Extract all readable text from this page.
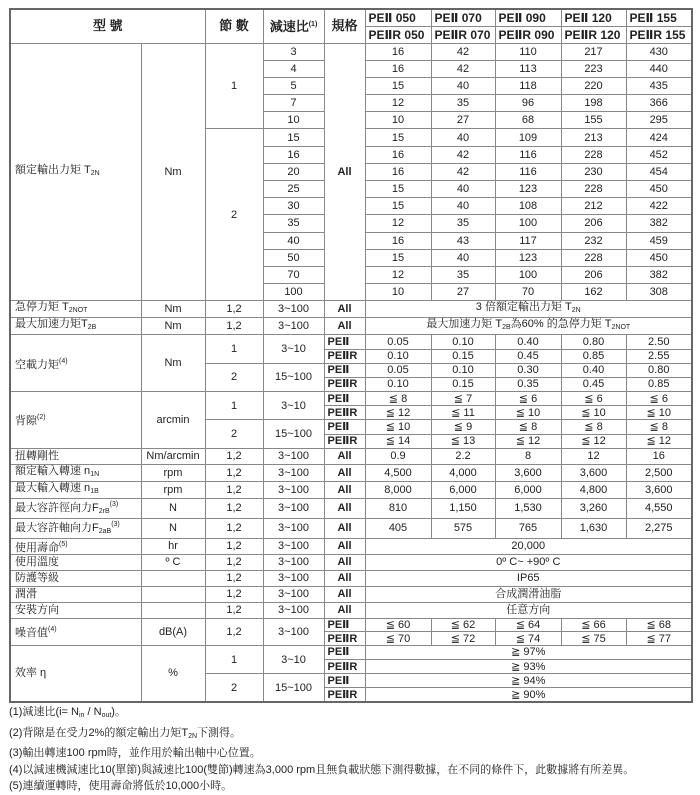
型 號		節 數	減速比$^{(1)}$	規格	PEⅡ 050	PEⅡ 070	PEⅡ 090	PEⅡ 120	PEⅡ 155
					PEⅡR 050	PEⅡR 070	PEⅡR 090	PEⅡR 120	PEⅡR 155
額定輸出力矩 $T_{2N}$	Nm	1	3	All	16	42	110	217	430
			4		16	42	113	223	440
			5		15	40	118	220	435
			7		12	35	96	198	366
			10		10	27	68	155	295
		2	15		15	40	109	213	424
			16		16	42	116	228	452
			20		16	42	116	230	454
			25		15	40	123	228	450
			30		15	40	108	212	422
			35		12	35	100	206	382
			40		16	43	117	232	459
			50		15	40	123	228	450
			70		12	35	100	206	382
			100		10	27	70	162	308
急停力矩 $T_{2NOT}$	Nm	1,2	3~100	All	3 倍額定輸出力矩 $T_{2N}$
最大加速力矩$T_{2B}$	Nm	1,2	3~100	All	最大加速力矩 $T_{2B}$為60% 的急停力矩 $T_{2NOT}$
空載力矩$^{(4)}$	Nm	1	3~10	PEⅡ	0.05	0.10	0.40	0.80	2.50
				PEⅡR	0.10	0.15	0.45	0.85	2.55
		2	15~100	PEⅡ	0.05	0.10	0.30	0.40	0.80
				PEⅡR	0.10	0.15	0.35	0.45	0.85
背隙$^{(2)}$	arcmin	1	3~10	PEⅡ	≦ 8	≦ 7	≦ 6	≦ 6	≦ 6
				PEⅡR	≦ 12	≦ 11	≦ 10	≦ 10	≦ 10
		2	15~100	PEⅡ	≦ 10	≦ 9	≦ 8	≦ 8	≦ 8
				PEⅡR	≦ 14	≦ 13	≦ 12	≦ 12	≦ 12
扭轉剛性	Nm/arcmin	1,2	3~100	All	0.9	2.2	8	12	16
額定輸入轉速 $n_{1N}$	rpm	1,2	3~100	All	4,500	4,000	3,600	3,600	2,500
最大輸入轉速 $n_{1B}$	rpm	1,2	3~100	All	8,000	6,000	6,000	4,800	3,600
最大容許徑向力$F_{2rB}^{(3)}$	N	1,2	3~100	All	810	1,150	1,530	3,260	4,550
最大容許軸向力$F_{2aB}^{(3)}$	N	1,2	3~100	All	405	575	765	1,630	2,275
使用壽命$^{(5)}$	hr	1,2	3~100	All	20,000				
使用溫度	º C	1,2	3~100	All	0º C~ +90º C				
防護等級		1,2	3~100	All	IP65				
潤滑		1,2	3~100	All	合成潤滑油脂				
安裝方向		1,2	3~100	All	任意方向				
噪音值$^{(4)}$	dB(A)	1,2	3~100	PEⅡ	≦ 60	≦ 62	≦ 64	≦ 66	≦ 68
				PEⅡR	≦ 70	≦ 72	≦ 74	≦ 75	≦ 77
效率 η	%	1	3~10	PEⅡ	≧ 97%				
				PEⅡR	≧ 93%				
		2	15~100	PEⅡ	≧ 94%				
				PEⅡR	≧ 90%				
(1)減速比$(i= N_{in} / N_{out})$。
(2)背隙是在受力2%的額定輸出力矩$T_{2N}$下測得。
(3)輸出轉速100 rpm時，並作用於輸出軸中心位置。
(4)以減速機減速比10(單節)與減速比100(雙節)轉速為3,000 rpm且無負載狀態下測得數據，在不同的條件下，此數據將有所差異。
(5)連續運轉時，使用壽命將低於10,000小時。
